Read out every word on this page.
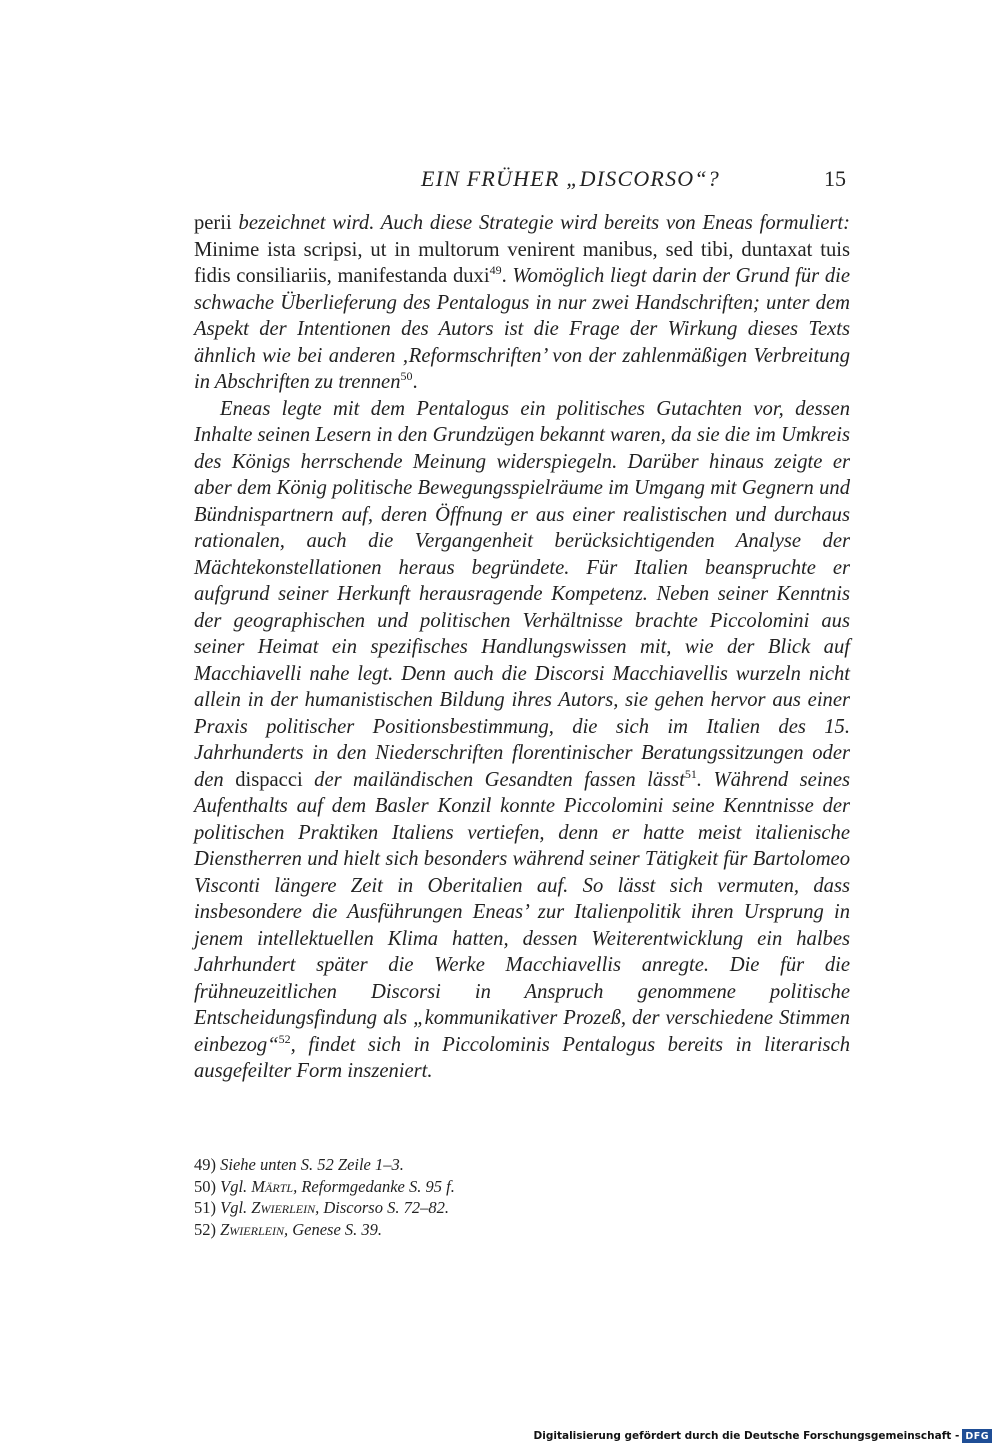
EIN FRÜHER „DISCORSO“?	15

perii bezeichnet wird. Auch diese Strategie wird bereits von Eneas formuliert: Minime ista scripsi, ut in multorum venirent manibus, sed tibi, duntaxat tuis fidis consiliariis, manifestanda duxi$^{49}$. Womöglich liegt darin der Grund für die schwache Überlieferung des Pentalogus in nur zwei Handschriften; unter dem Aspekt der Intentionen des Autors ist die Frage der Wirkung dieses Texts ähnlich wie bei anderen ‚Reformschriften’ von der zahlenmäßigen Verbreitung in Abschriften zu trennen$^{50}$.

Eneas legte mit dem Pentalogus ein politisches Gutachten vor, dessen Inhalte seinen Lesern in den Grundzügen bekannt waren, da sie die im Umkreis des Königs herrschende Meinung widerspiegeln. Darüber hinaus zeigte er aber dem König politische Bewegungsspielräume im Umgang mit Gegnern und Bündnispartnern auf, deren Öffnung er aus einer realistischen und durchaus rationalen, auch die Vergangenheit berücksichtigenden Analyse der Mächtekonstellationen heraus begründete. Für Italien beanspruchte er aufgrund seiner Herkunft herausragende Kompetenz. Neben seiner Kenntnis der geographischen und politischen Verhältnisse brachte Piccolomini aus seiner Heimat ein spezifisches Handlungswissen mit, wie der Blick auf Macchiavelli nahe legt. Denn auch die Discorsi Macchiavellis wurzeln nicht allein in der humanistischen Bildung ihres Autors, sie gehen hervor aus einer Praxis politischer Positionsbestimmung, die sich im Italien des 15. Jahrhunderts in den Niederschriften florentinischer Beratungssitzungen oder den dispacci der mailändischen Gesandten fassen lässt$^{51}$. Während seines Aufenthalts auf dem Basler Konzil konnte Piccolomini seine Kenntnisse der politischen Praktiken Italiens vertiefen, denn er hatte meist italienische Dienstherren und hielt sich besonders während seiner Tätigkeit für Bartolomeo Visconti längere Zeit in Oberitalien auf. So lässt sich vermuten, dass insbesondere die Ausführungen Eneas’ zur Italienpolitik ihren Ursprung in jenem intellektuellen Klima hatten, dessen Weiterentwicklung ein halbes Jahrhundert später die Werke Macchiavellis anregte. Die für die frühneuzeitlichen Discorsi in Anspruch genommene politische Entscheidungsfindung als „kommunikativer Prozeß, der verschiedene Stimmen einbezog“$^{52}$, findet sich in Piccolominis Pentalogus bereits in literarisch ausgefeilter Form inszeniert.

49) Siehe unten S. 52 Zeile 1–3.
50) Vgl. Märtl, Reformgedanke S. 95 f.
51) Vgl. Zwierlein, Discorso S. 72–82.
52) Zwierlein, Genese S. 39.
Digitalisierung gefördert durch die Deutsche Forschungsgemeinschaft - DFG
